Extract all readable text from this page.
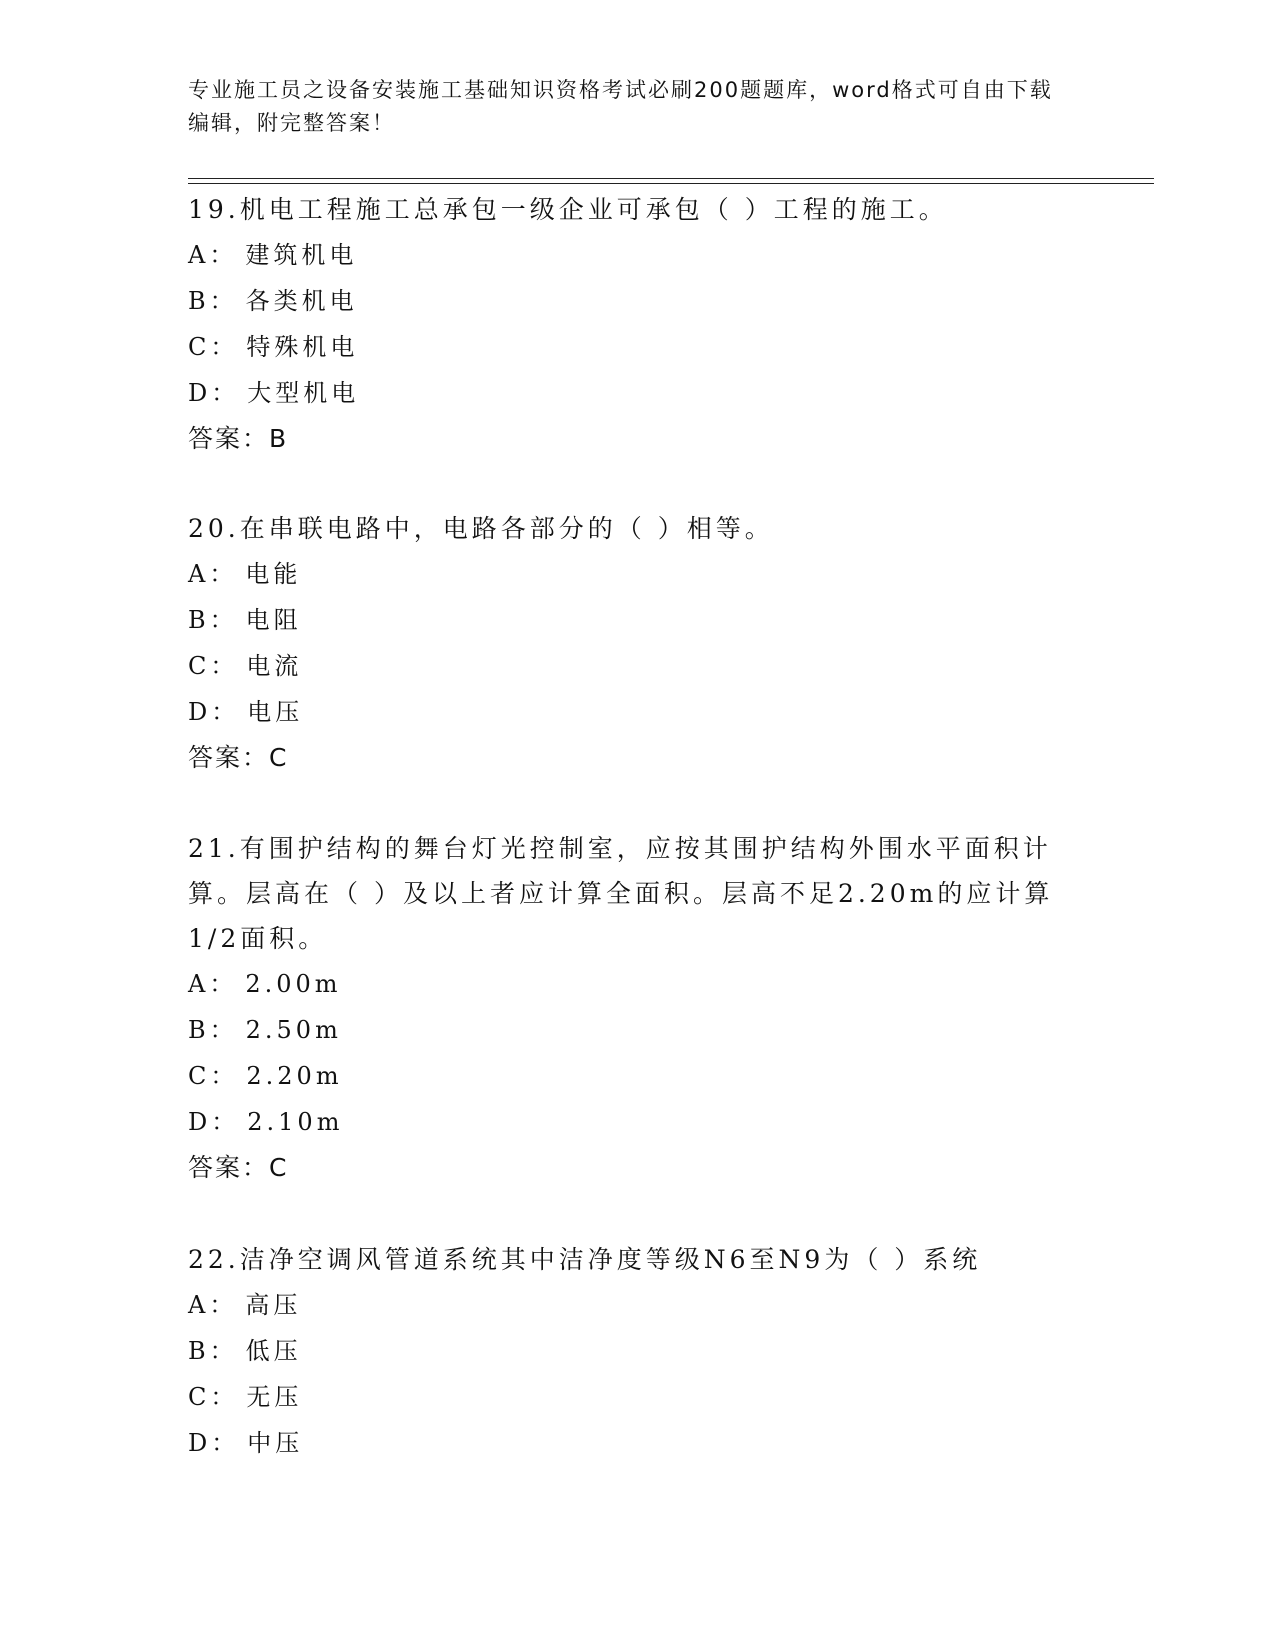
专业施工员之设备安装施工基础知识资格考试必刷200题题库，word格式可自由下载编辑，附完整答案！

19.机电工程施工总承包一级企业可承包（ ）工程的施工。

A： 建筑机电
B： 各类机电
C： 特殊机电
D： 大型机电

答案：B

20.在串联电路中，电路各部分的（ ）相等。

A： 电能
B： 电阻
C： 电流
D： 电压

答案：C

21.有围护结构的舞台灯光控制室，应按其围护结构外围水平面积计算。层高在（ ）及以上者应计算全面积。层高不足2.20m的应计算1/2面积。

A： 2.00m
B： 2.50m
C： 2.20m
D： 2.10m

答案：C

22.洁净空调风管道系统其中洁净度等级N6至N9为（ ）系统

A： 高压
B： 低压
C： 无压
D： 中压
